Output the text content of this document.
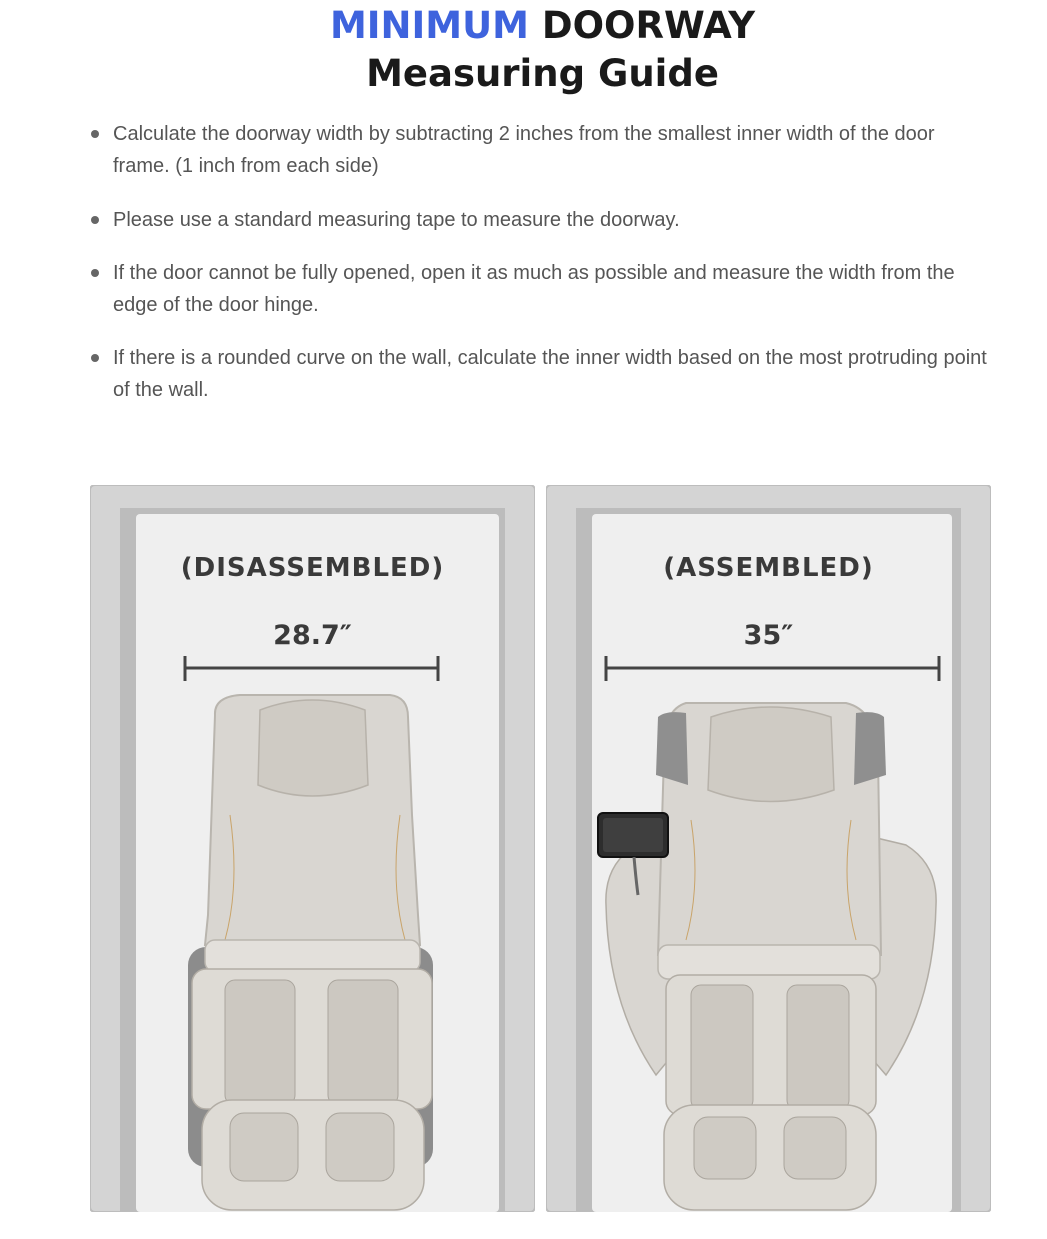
MINIMUM DOORWAY
Measuring Guide
Calculate the doorway width by subtracting 2 inches from the smallest inner width of the door frame. (1 inch from each side)
Please use a standard measuring tape to measure the doorway.
If the door cannot be fully opened, open it as much as possible and measure the width from the edge of the door hinge.
If there is a rounded curve on the wall, calculate the inner width based on the most protruding point of the wall.
(DISASSEMBLED)
28.7″
(ASSEMBLED)
35″
